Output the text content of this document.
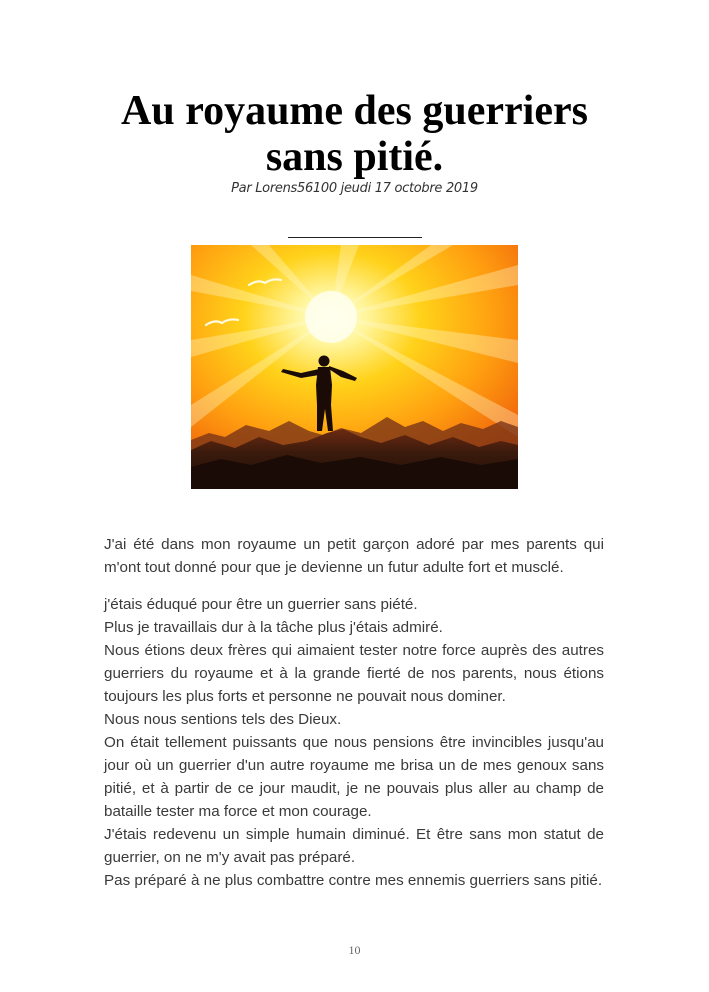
Au royaume des guerriers
sans pitié.
Par Lorens56100 jeudi 17 octobre 2019

J'ai été dans mon royaume un petit garçon adoré par mes parents qui m'ont tout donné pour que je devienne un futur adulte fort et musclé.

j'étais éduqué pour être un guerrier sans piété.

Plus je travaillais dur à la tâche plus j'étais admiré.

Nous étions deux frères qui aimaient tester notre force auprès des autres guerriers du royaume et à la grande fierté de nos parents, nous étions toujours les plus forts et personne ne pouvait nous dominer.

Nous nous sentions tels des Dieux.

On était tellement puissants que nous pensions être invincibles jusqu'au jour où un guerrier d'un autre royaume me brisa un de mes genoux sans pitié, et à partir de ce jour maudit, je ne pouvais plus aller au champ de bataille tester ma force et mon courage.

J'étais redevenu un simple humain diminué. Et être sans mon statut de guerrier, on ne m'y avait pas préparé.

Pas préparé à ne plus combattre contre mes ennemis guerriers sans pitié.

10
